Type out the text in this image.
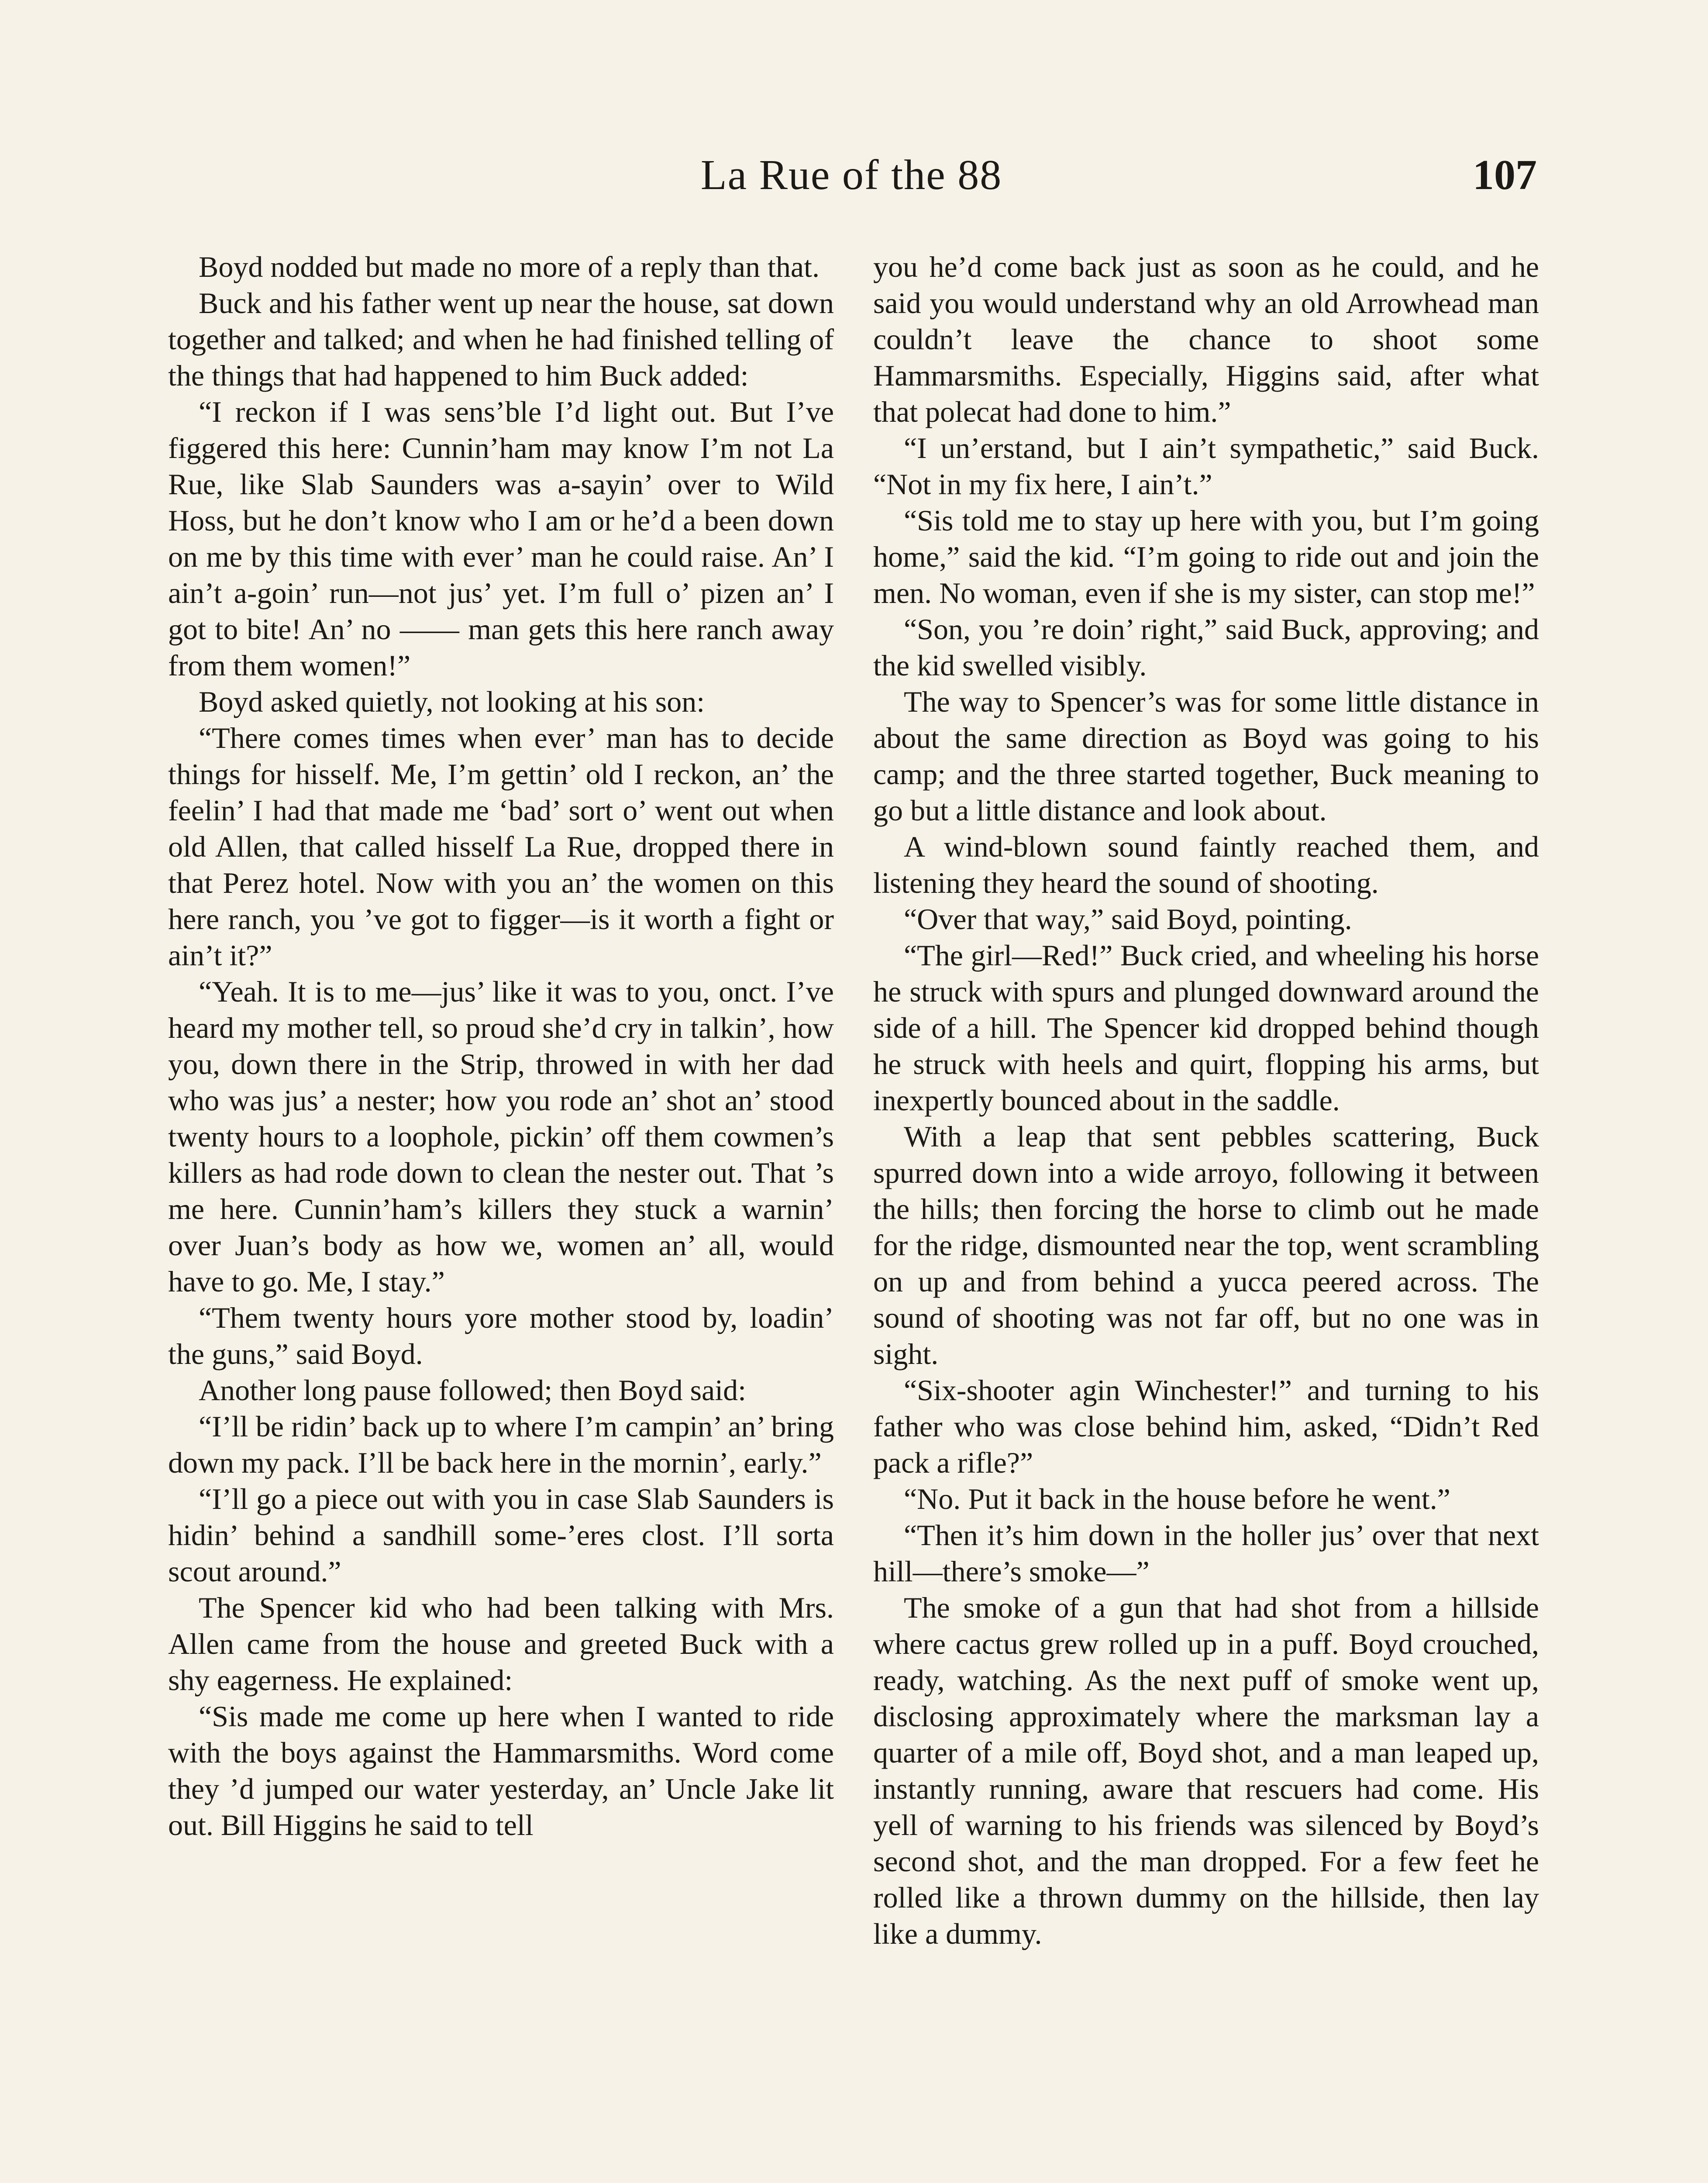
La Rue of the 88	107

Boyd nodded but made no more of a reply than that.

Buck and his father went up near the house, sat down together and talked; and when he had finished telling of the things that had happened to him Buck added:

“I reckon if I was sens’ble I’d light out. But I’ve figgered this here: Cunnin’ham may know I’m not La Rue, like Slab Saunders was a-sayin’ over to Wild Hoss, but he don’t know who I am or he’d a been down on me by this time with ever’ man he could raise. An’ I ain’t a-goin’ run—not jus’ yet. I’m full o’ pizen an’ I got to bite! An’ no —— man gets this here ranch away from them women!”

Boyd asked quietly, not looking at his son:

“There comes times when ever’ man has to decide things for hisself. Me, I’m gettin’ old I reckon, an’ the feelin’ I had that made me ‘bad’ sort o’ went out when old Allen, that called hisself La Rue, dropped there in that Perez hotel. Now with you an’ the women on this here ranch, you ’ve got to figger—is it worth a fight or ain’t it?”

“Yeah. It is to me—jus’ like it was to you, onct. I’ve heard my mother tell, so proud she’d cry in talkin’, how you, down there in the Strip, throwed in with her dad who was jus’ a nester; how you rode an’ shot an’ stood twenty hours to a loophole, pickin’ off them cowmen’s killers as had rode down to clean the nester out. That ’s me here. Cunnin’ham’s killers they stuck a warnin’ over Juan’s body as how we, women an’ all, would have to go. Me, I stay.”

“Them twenty hours yore mother stood by, loadin’ the guns,” said Boyd.

Another long pause followed; then Boyd said:

“I’ll be ridin’ back up to where I’m campin’ an’ bring down my pack. I’ll be back here in the mornin’, early.”

“I’ll go a piece out with you in case Slab Saunders is hidin’ behind a sandhill some-’eres clost. I’ll sorta scout around.”

The Spencer kid who had been talking with Mrs. Allen came from the house and greeted Buck with a shy eagerness. He explained:

“Sis made me come up here when I wanted to ride with the boys against the Hammarsmiths. Word come they ’d jumped our water yesterday, an’ Uncle Jake lit out. Bill Higgins he said to tell

you he’d come back just as soon as he could, and he said you would understand why an old Arrowhead man couldn’t leave the chance to shoot some Hammarsmiths. Especially, Higgins said, after what that polecat had done to him.”

“I un’erstand, but I ain’t sympathetic,” said Buck. “Not in my fix here, I ain’t.”

“Sis told me to stay up here with you, but I’m going home,” said the kid. “I’m going to ride out and join the men. No woman, even if she is my sister, can stop me!”

“Son, you ’re doin’ right,” said Buck, approving; and the kid swelled visibly.

The way to Spencer’s was for some little distance in about the same direction as Boyd was going to his camp; and the three started together, Buck meaning to go but a little distance and look about.

A wind-blown sound faintly reached them, and listening they heard the sound of shooting.

“Over that way,” said Boyd, pointing.

“The girl—Red!” Buck cried, and wheeling his horse he struck with spurs and plunged downward around the side of a hill. The Spencer kid dropped behind though he struck with heels and quirt, flopping his arms, but inexpertly bounced about in the saddle.

With a leap that sent pebbles scattering, Buck spurred down into a wide arroyo, following it between the hills; then forcing the horse to climb out he made for the ridge, dismounted near the top, went scrambling on up and from behind a yucca peered across. The sound of shooting was not far off, but no one was in sight.

“Six-shooter agin Winchester!” and turning to his father who was close behind him, asked, “Didn’t Red pack a rifle?”

“No. Put it back in the house before he went.”

“Then it’s him down in the holler jus’ over that next hill—there’s smoke—”

The smoke of a gun that had shot from a hillside where cactus grew rolled up in a puff. Boyd crouched, ready, watching. As the next puff of smoke went up, disclosing approximately where the marksman lay a quarter of a mile off, Boyd shot, and a man leaped up, instantly running, aware that rescuers had come. His yell of warning to his friends was silenced by Boyd’s second shot, and the man dropped. For a few feet he rolled like a thrown dummy on the hillside, then lay like a dummy.
